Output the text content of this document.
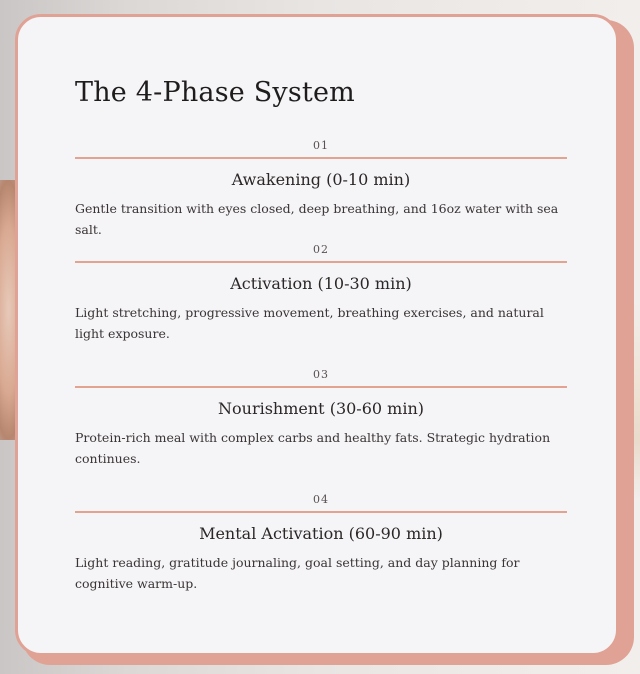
The 4-Phase System
01
Awakening (0-10 min)
Gentle transition with eyes closed, deep breathing, and 16oz water with sea salt.
02
Activation (10-30 min)
Light stretching, progressive movement, breathing exercises, and natural light exposure.
03
Nourishment (30-60 min)
Protein-rich meal with complex carbs and healthy fats. Strategic hydration continues.
04
Mental Activation (60-90 min)
Light reading, gratitude journaling, goal setting, and day planning for cognitive warm-up.
